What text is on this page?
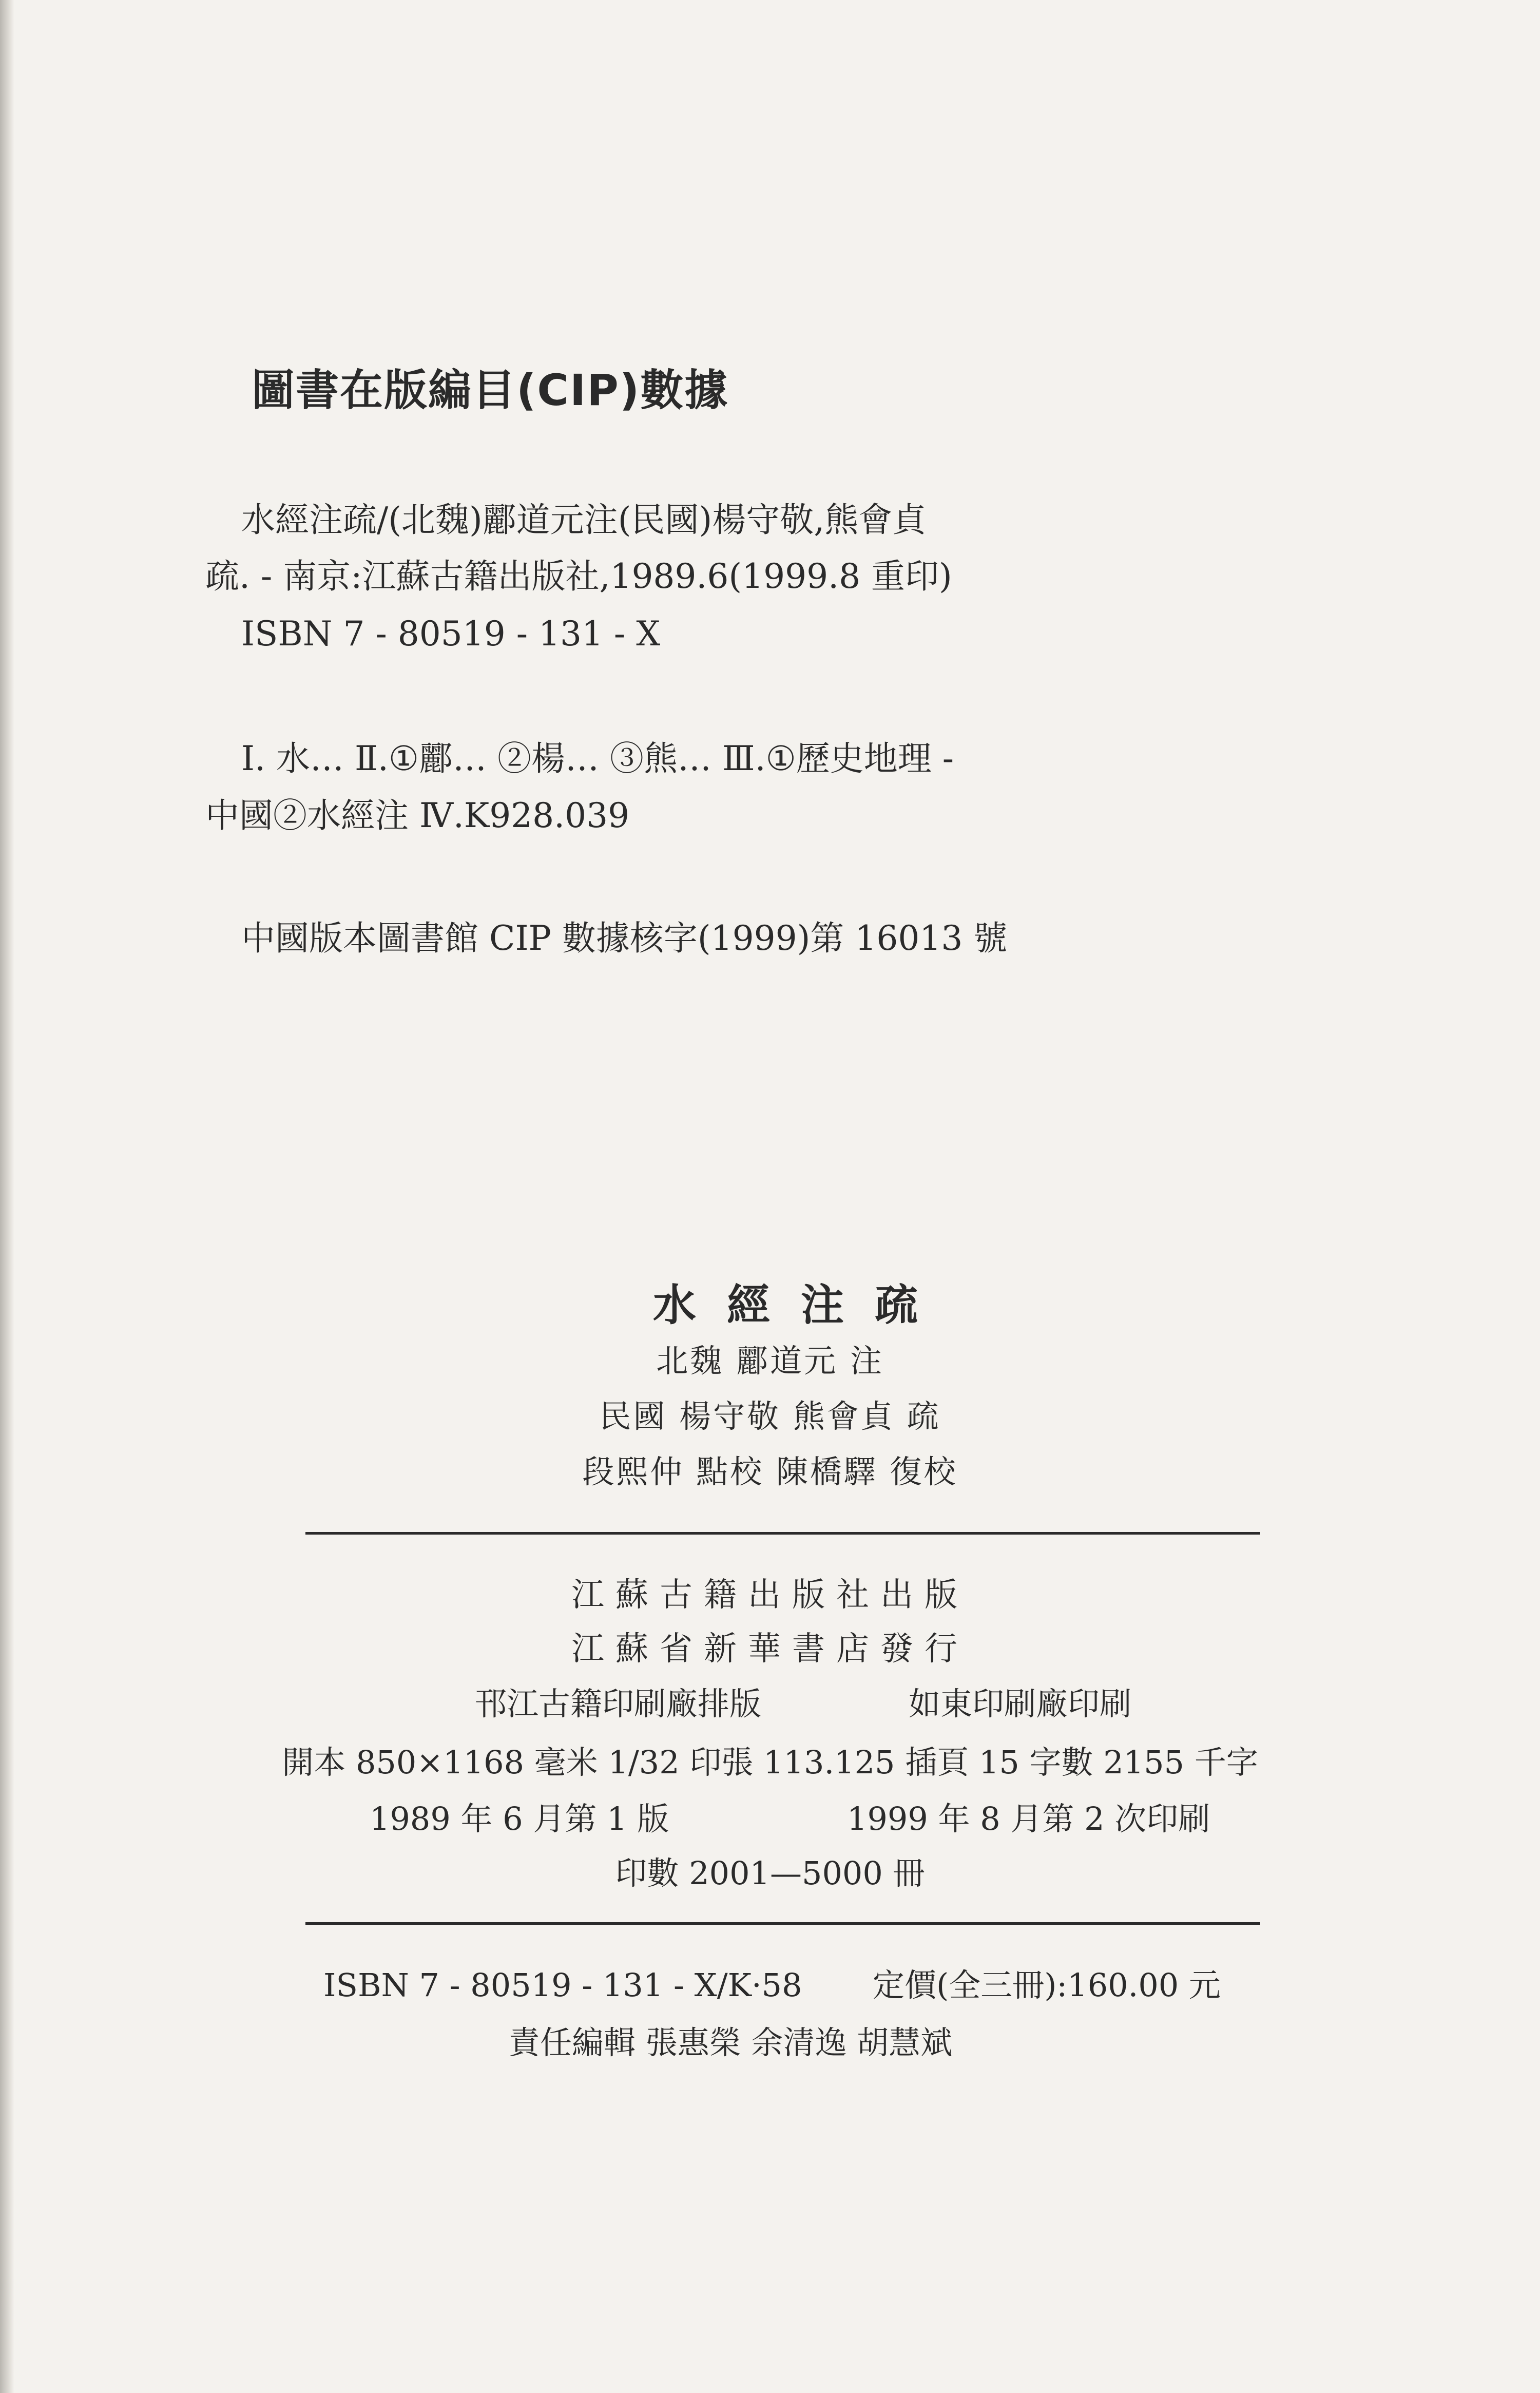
圖書在版編目(CIP)數據
水經注疏/(北魏)酈道元注(民國)楊守敬,熊會貞
疏. - 南京:江蘇古籍出版社,1989.6(1999.8 重印)
ISBN 7 - 80519 - 131 - X
Ⅰ. 水… Ⅱ.①酈… ②楊… ③熊… Ⅲ.①歷史地理 -
中國②水經注 Ⅳ.K928.039
中國版本圖書館 CIP 數據核字(1999)第 16013 號
水經注疏
北魏 酈道元 注
民國 楊守敬 熊會貞 疏
段熙仲 點校 陳橋驛 復校
江蘇古籍出版社出版
江蘇省新華書店發行
邗江古籍印刷廠排版	如東印刷廠印刷
開本 850×1168 毫米 1/32 印張 113.125 插頁 15 字數 2155 千字
1989 年 6 月第 1 版	1999 年 8 月第 2 次印刷
印數 2001—5000 冊
ISBN 7 - 80519 - 131 - X/K·58 定價(全三冊):160.00 元
責任編輯 張惠榮 余清逸 胡慧斌
